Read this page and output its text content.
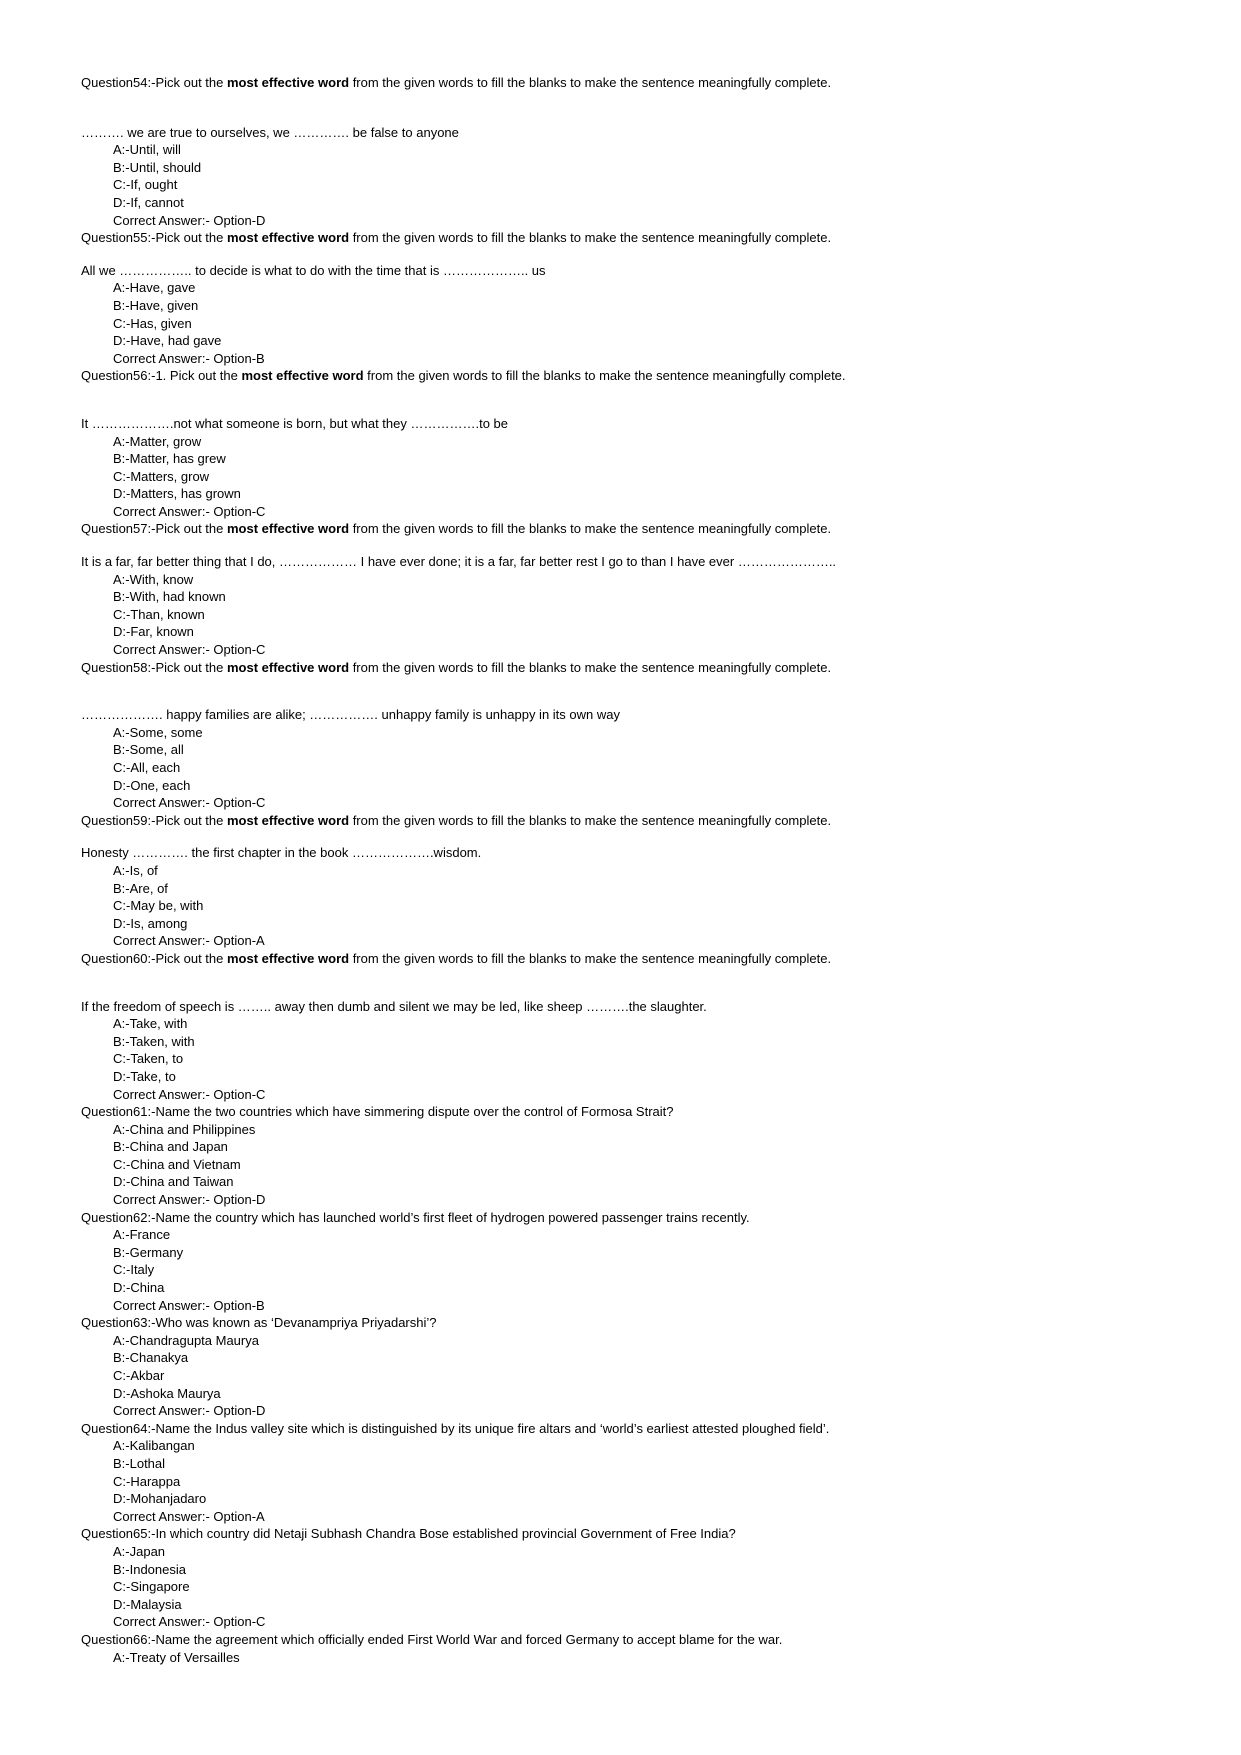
Question54:-Pick out the most effective word from the given words to fill the blanks to make the sentence meaningfully complete.
………. we are true to ourselves, we …………. be false to anyone
A:-Until, will
B:-Until, should
C:-If, ought
D:-If, cannot
Correct Answer:- Option-D
Question55:-Pick out the most effective word from the given words to fill the blanks to make the sentence meaningfully complete.
All we …………….. to decide is what to do with the time that is ……………….. us
A:-Have, gave
B:-Have, given
C:-Has, given
D:-Have, had gave
Correct Answer:- Option-B
Question56:-1. Pick out the most effective word from the given words to fill the blanks to make the sentence meaningfully complete.
It ……………….not what someone is born, but what they …………….to be
A:-Matter, grow
B:-Matter, has grew
C:-Matters, grow
D:-Matters, has grown
Correct Answer:- Option-C
Question57:-Pick out the most effective word from the given words to fill the blanks to make the sentence meaningfully complete.
It is a far, far better thing that I do, ……………… I have ever done; it is a far, far better rest I go to than I have ever …………………..
A:-With, know
B:-With, had known
C:-Than, known
D:-Far, known
Correct Answer:- Option-C
Question58:-Pick out the most effective word from the given words to fill the blanks to make the sentence meaningfully complete.
………………. happy families are alike; ……………. unhappy family is unhappy in its own way
A:-Some, some
B:-Some, all
C:-All, each
D:-One, each
Correct Answer:- Option-C
Question59:-Pick out the most effective word from the given words to fill the blanks to make the sentence meaningfully complete.
Honesty …………. the first chapter in the book ……………….wisdom.
A:-Is, of
B:-Are, of
C:-May be, with
D:-Is, among
Correct Answer:- Option-A
Question60:-Pick out the most effective word from the given words to fill the blanks to make the sentence meaningfully complete.
If the freedom of speech is …….. away then dumb and silent we may be led, like sheep ……….the slaughter.
A:-Take, with
B:-Taken, with
C:-Taken, to
D:-Take, to
Correct Answer:- Option-C
Question61:-Name the two countries which have simmering dispute over the control of Formosa Strait?
A:-China and Philippines
B:-China and Japan
C:-China and Vietnam
D:-China and Taiwan
Correct Answer:- Option-D
Question62:-Name the country which has launched world’s first fleet of hydrogen powered passenger trains recently.
A:-France
B:-Germany
C:-Italy
D:-China
Correct Answer:- Option-B
Question63:-Who was known as ‘Devanampriya Priyadarshi’?
A:-Chandragupta Maurya
B:-Chanakya
C:-Akbar
D:-Ashoka Maurya
Correct Answer:- Option-D
Question64:-Name the Indus valley site which is distinguished by its unique fire altars and ‘world’s earliest attested ploughed field’.
A:-Kalibangan
B:-Lothal
C:-Harappa
D:-Mohanjadaro
Correct Answer:- Option-A
Question65:-In which country did Netaji Subhash Chandra Bose established provincial Government of Free India?
A:-Japan
B:-Indonesia
C:-Singapore
D:-Malaysia
Correct Answer:- Option-C
Question66:-Name the agreement which officially ended First World War and forced Germany to accept blame for the war.
A:-Treaty of Versailles
